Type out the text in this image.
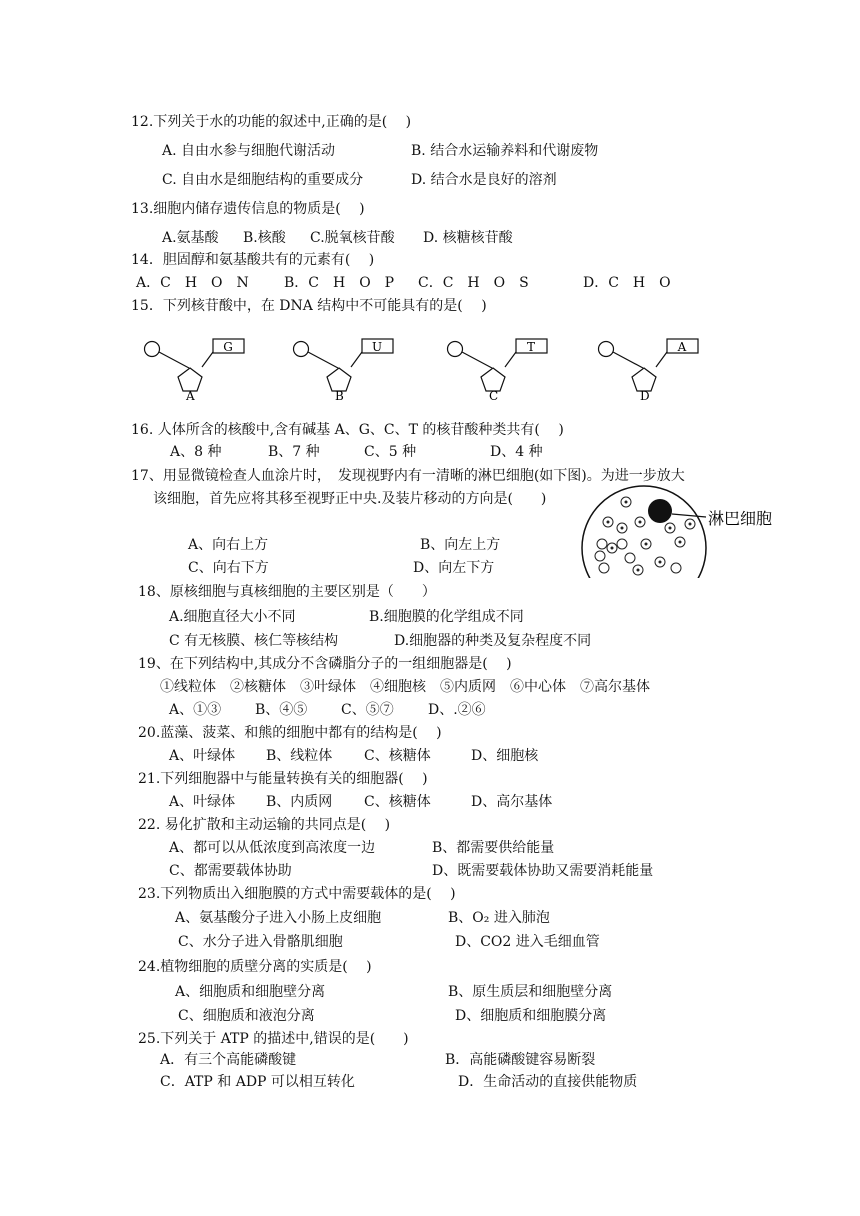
12.下列关于水的功能的叙述中,正确的是(　 )
A. 自由水参与细胞代谢活动	B. 结合水运输养料和代谢废物
C. 自由水是细胞结构的重要成分	D. 结合水是良好的溶剂
13.细胞内储存遗传信息的物质是(　 )
A.氨基酸 B.核酸 C.脱氧核苷酸 D. 核糖核苷酸
14．胆固醇和氨基酸共有的元素有(　 )
A．C　H　O　N	B．C　H　O　P C．C　H　O　S	D．C　H　O
15．下列核苷酸中，在 DNA 结构中不可能具有的是(　 )
G
A
U
B
T
C
A
D
16. 人体所含的核酸中,含有碱基 A、G、C、T 的核苷酸种类共有(　 )
A、8 种	B、7 种	C、5 种	D、4 种
17、用显微镜检查人血涂片时，　发现视野内有一清晰的淋巴细胞(如下图)。为进一步放大
该细胞，首先应将其移至视野正中央.及装片移动的方向是(　　)
A、向右上方	B、向左上方
C、向右下方	D、向左下方
淋巴细胞
18、原核细胞与真核细胞的主要区别是（　　）
A.细胞直径大小不同	B.细胞膜的化学组成不同
C 有无核膜、核仁等核结构	D.细胞器的种类及复杂程度不同
19、在下列结构中,其成分不含磷脂分子的一组细胞器是(　 )
①线粒体　②核糖体　③叶绿体　④细胞核　⑤内质网　⑥中心体　⑦高尔基体
A、①③ B、④⑤ C、⑤⑦ D、.②⑥
20.蓝藻、菠菜、和熊的细胞中都有的结构是(　 )
A、叶绿体 B、线粒体 C、核糖体	D、细胞核
21.下列细胞器中与能量转换有关的细胞器(　 )
A、叶绿体 B、内质网 C、核糖体	D、高尔基体
22. 易化扩散和主动运输的共同点是(　 )
A、都可以从低浓度到高浓度一边	B、都需要供给能量
C、都需要载体协助	D、既需要载体协助又需要消耗能量
23.下列物质出入细胞膜的方式中需要载体的是(　 )
A、氨基酸分子进入小肠上皮细胞	B、O₂ 进入肺泡
C、水分子进入骨骼肌细胞	D、CO2 进入毛细血管
24.植物细胞的质壁分离的实质是(　 )
A、细胞质和细胞壁分离	B、原生质层和细胞壁分离
C、细胞质和液泡分离	D、细胞质和细胞膜分离
25.下列关于 ATP 的描述中,错误的是(　　)
A．有三个高能磷酸键	B．高能磷酸键容易断裂
C．ATP 和 ADP 可以相互转化	D．生命活动的直接供能物质
